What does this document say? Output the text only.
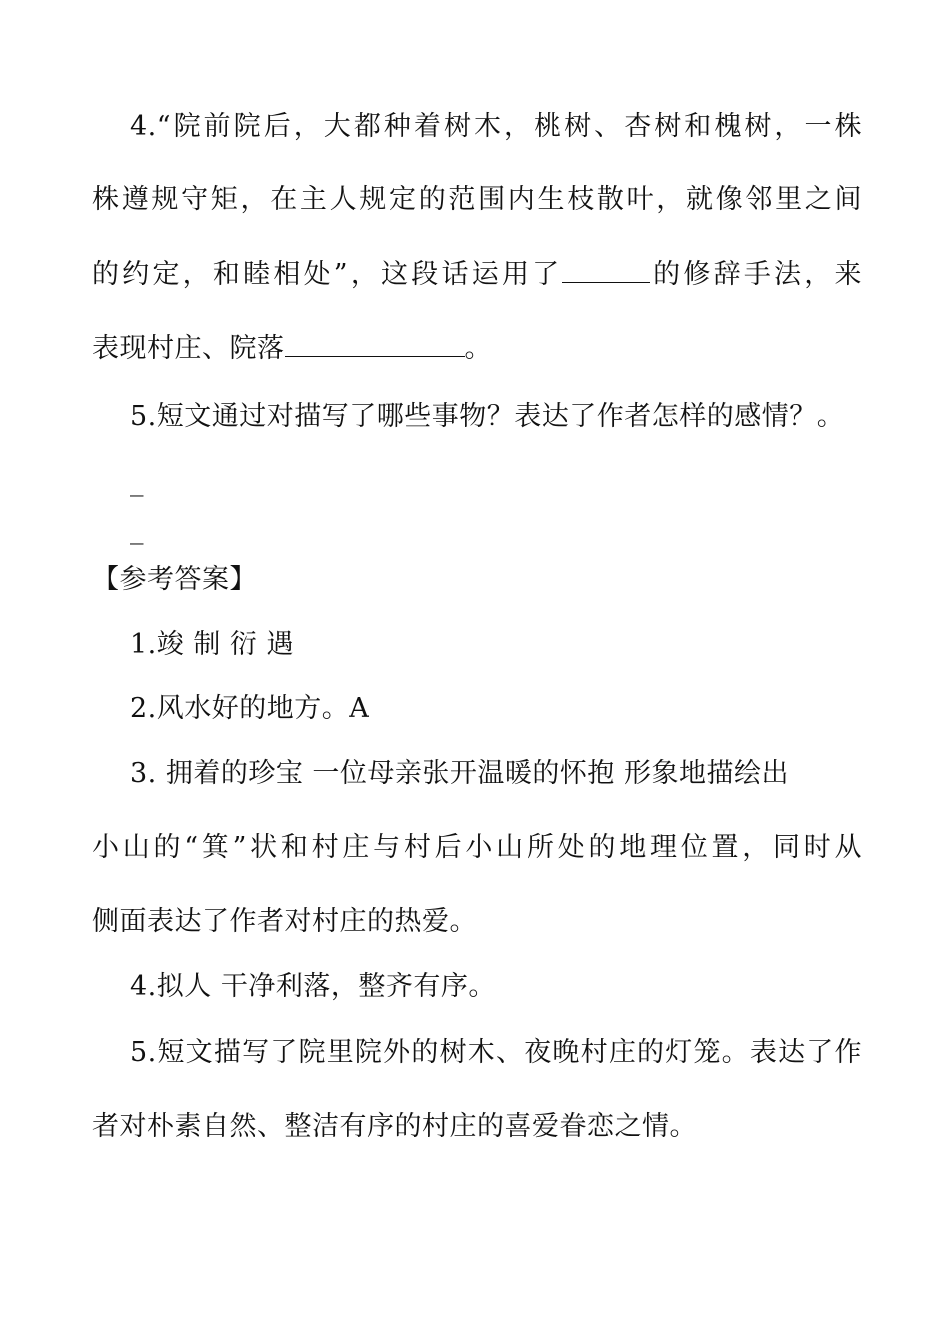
4.“院前院后，大都种着树木，桃树、杏树和槐树，一株
株遵规守矩，在主人规定的范围内生枝散叶，就像邻里之间
的约定，和睦相处”，这段话运用了	的修辞手法，来
表现村庄、院落	。
5.短文通过对描写了哪些事物？表达了作者怎样的感情？。
_
_
【参考答案】
1.竣 制 衍 遇
2.风水好的地方。A
3. 拥着的珍宝 一位母亲张开温暖的怀抱 形象地描绘出
小山的“箕”状和村庄与村后小山所处的地理位置，同时从
侧面表达了作者对村庄的热爱。
4.拟人 干净利落，整齐有序。
5.短文描写了院里院外的树木、夜晚村庄的灯笼。表达了作
者对朴素自然、整洁有序的村庄的喜爱眷恋之情。
